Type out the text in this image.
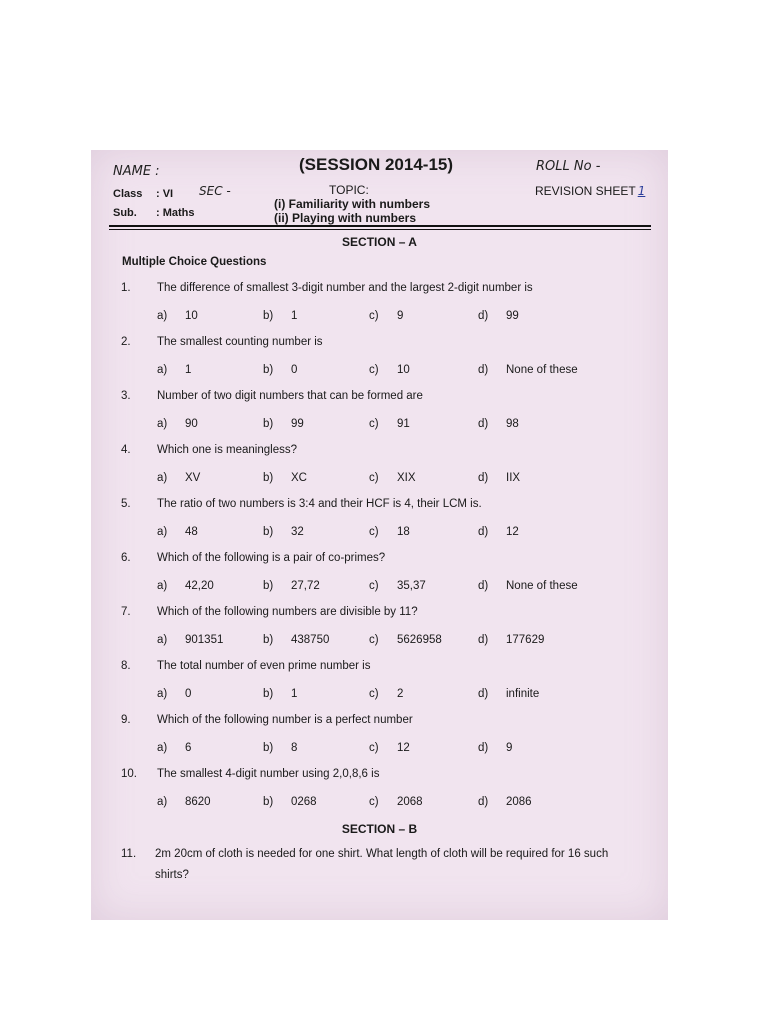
NAME :	(SESSION 2014-15)	ROLL No -
Class : VI SEC -	TOPIC:	REVISION SHEET 1
Sub. : Maths
(i) Familiarity with numbers
(ii) Playing with numbers
SECTION – A
Multiple Choice Questions
1. The difference of smallest 3-digit number and the largest 2-digit number is
a) 10	b) 1	c) 9	d) 99
2. The smallest counting number is
a) 1	b) 0	c) 10	d) None of these
3. Number of two digit numbers that can be formed are
a) 90	b) 99	c) 91	d) 98
4. Which one is meaningless?
a) XV	b) XC	c) XIX	d) IIX
5. The ratio of two numbers is 3:4 and their HCF is 4, their LCM is.
a) 48	b) 32	c) 18	d) 12
6. Which of the following is a pair of co-primes?
a) 42,20	b) 27,72	c) 35,37	d) None of these
7. Which of the following numbers are divisible by 11?
a) 901351	b) 438750	c) 5626958	d) 177629
8. The total number of even prime number is
a) 0	b) 1	c) 2	d) infinite
9. Which of the following number is a perfect number
a) 6	b) 8	c) 12	d) 9
10. The smallest 4-digit number using 2,0,8,6 is
a) 8620	b) 0268	c) 2068	d) 2086
SECTION – B
11. 2m 20cm of cloth is needed for one shirt. What length of cloth will be required for 16 such
shirts?
